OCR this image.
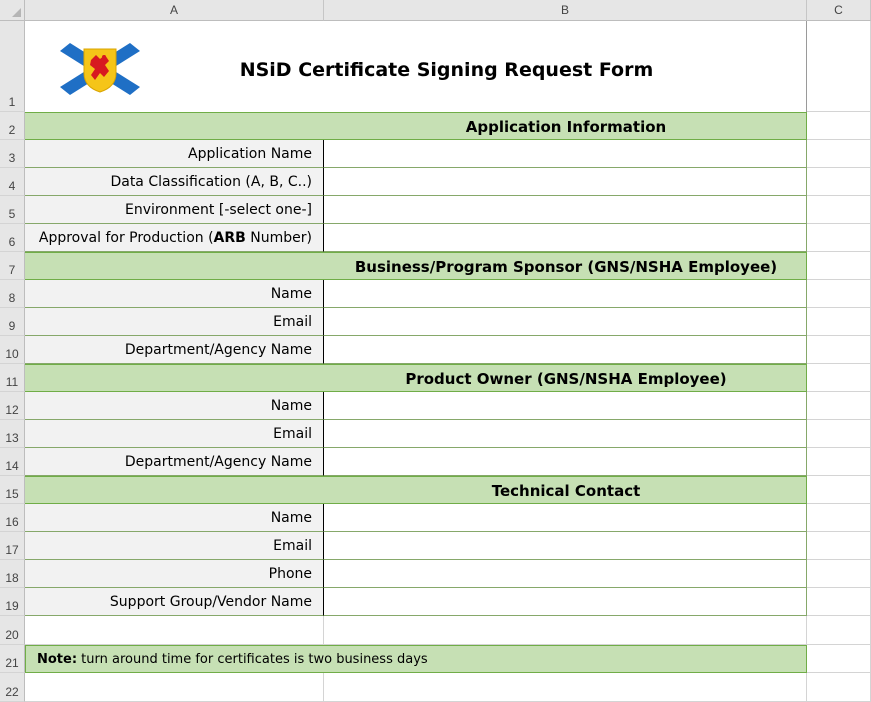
A	B	C
1
2
3
4
5
6
7
8
9
10
11
12
13
14
15
16
17
18
19
20
21
22
NSiD Certificate Signing Request Form
Application Information
Application Name
Data Classification (A, B, C..)
Environment [-select one-]
Approval for Production ( ARB Number)
Business/Program Sponsor (GNS/NSHA Employee)
Name
Email
Department/Agency Name
Product Owner (GNS/NSHA Employee)
Name
Email
Department/Agency Name
Technical Contact
Name
Email
Phone
Support Group/Vendor Name
Note: turn around time for certificates is two business days
